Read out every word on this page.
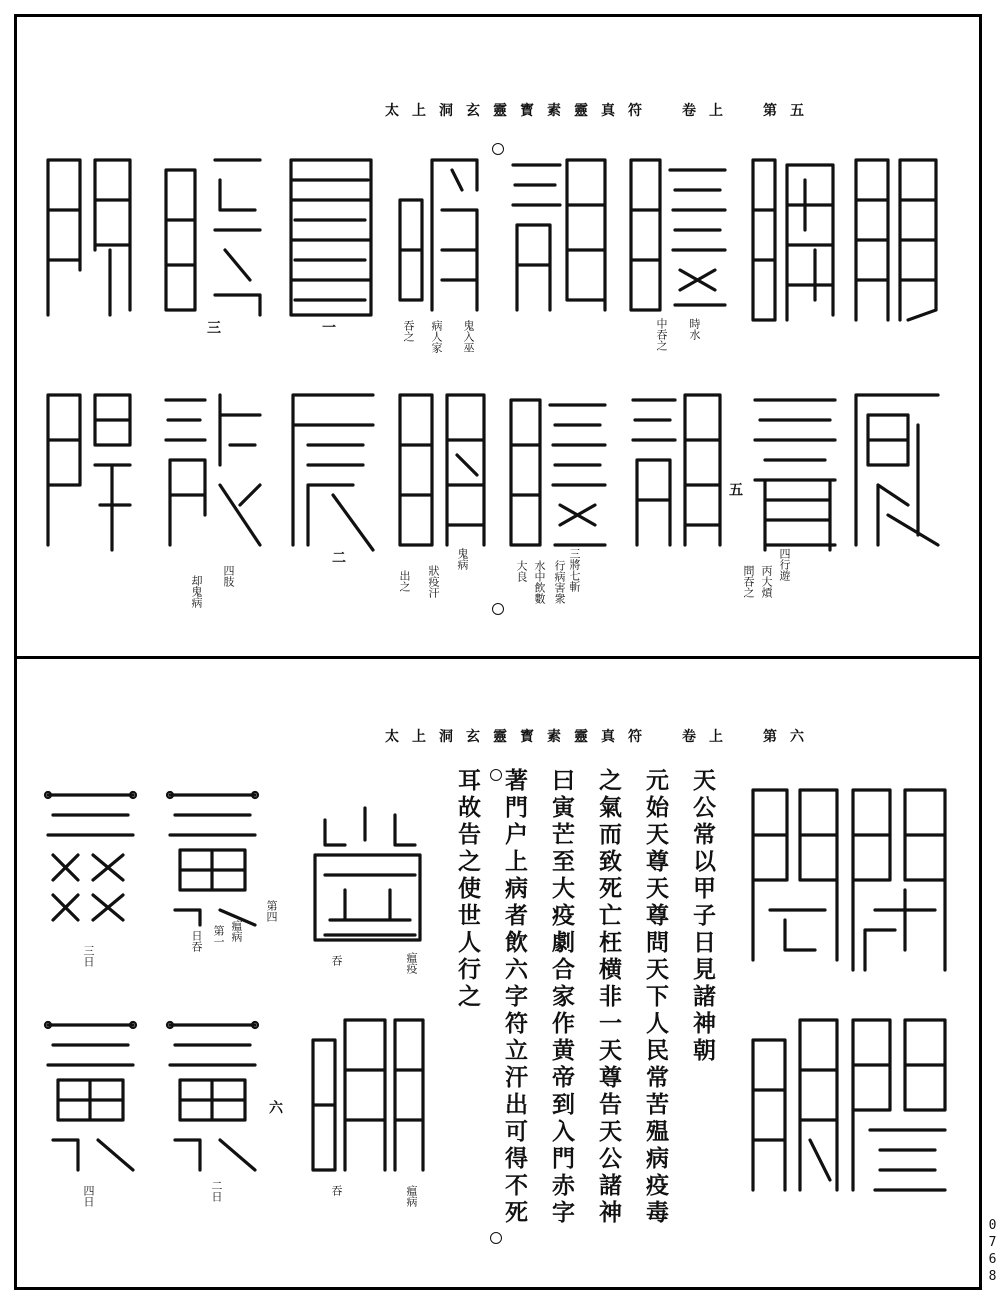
太上洞玄靈寳素靈真符　卷上　第五
時水
中吞之
四行遊
丙大熕
問吞之
三將七斬
行病害衆
水中飲數
大良
鬼病
狀疫汗
出之
鬼入巫
病人家
吞之
四肢
却鬼病
五
二
一
三
太上洞玄靈寳素靈真符　卷上　第六
天公常以甲子日見諸神朝
元始天尊天尊問天下人民常苦殟病疫毒
之氣而致死亡枉横非一天尊告天公諸神
曰寅芒至大疫劇合家作黄帝到入門赤字
著門户上病者飲六字符立汗出可得不死
耳故告之使世人行之
瘟疫
吞
瘟病
吞
瘟病
第一
日吞
第四
三日
二日
四日
六
0768
